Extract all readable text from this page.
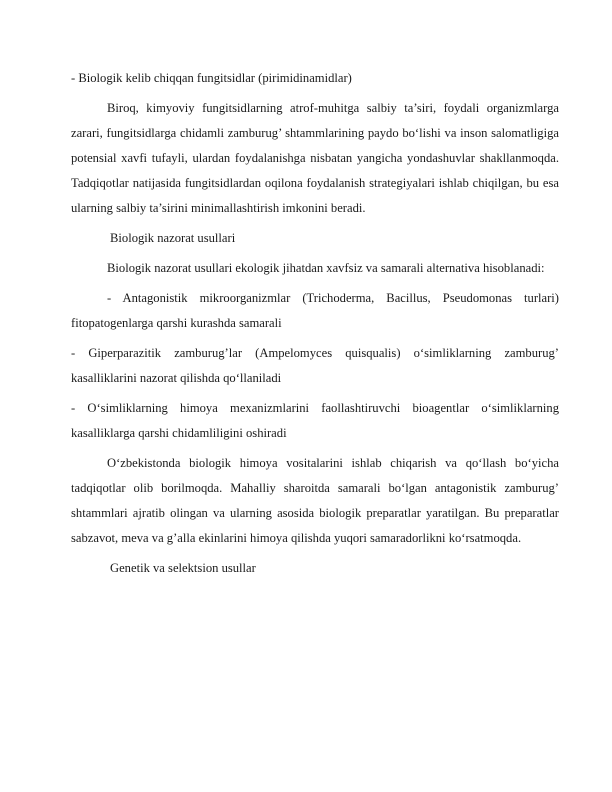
- Biologik kelib chiqqan fungitsidlar (pirimidinamidlar)

Biroq, kimyoviy fungitsidlarning atrof-muhitga salbiy ta’siri, foydali organizmlarga zarari, fungitsidlarga chidamli zamburug’ shtammlarining paydo bo‘lishi va inson salomatligiga potensial xavfi tufayli, ulardan foydalanishga nisbatan yangicha yondashuvlar shakllanmoqda. Tadqiqotlar natijasida fungitsidlardan oqilona foydalanish strategiyalari ishlab chiqilgan, bu esa ularning salbiy ta’sirini minimallashtirish imkonini beradi.

Biologik nazorat usullari

Biologik nazorat usullari ekologik jihatdan xavfsiz va samarali alternativa hisoblanadi:

- Antagonistik mikroorganizmlar (Trichoderma, Bacillus, Pseudomonas turlari) fitopatogenlarga qarshi kurashda samarali

- Giperparazitik zamburug’lar (Ampelomyces quisqualis) o‘simliklarning zamburug’ kasalliklarini nazorat qilishda qo‘llaniladi

- O‘simliklarning himoya mexanizmlarini faollashtiruvchi bioagentlar o‘simliklarning kasalliklarga qarshi chidamliligini oshiradi

O‘zbekistonda biologik himoya vositalarini ishlab chiqarish va qo‘llash bo‘yicha tadqiqotlar olib borilmoqda. Mahalliy sharoitda samarali bo‘lgan antagonistik zamburug’ shtammlari ajratib olingan va ularning asosida biologik preparatlar yaratilgan. Bu preparatlar sabzavot, meva va g’alla ekinlarini himoya qilishda yuqori samaradorlikni ko‘rsatmoqda.

Genetik va selektsion usullar
